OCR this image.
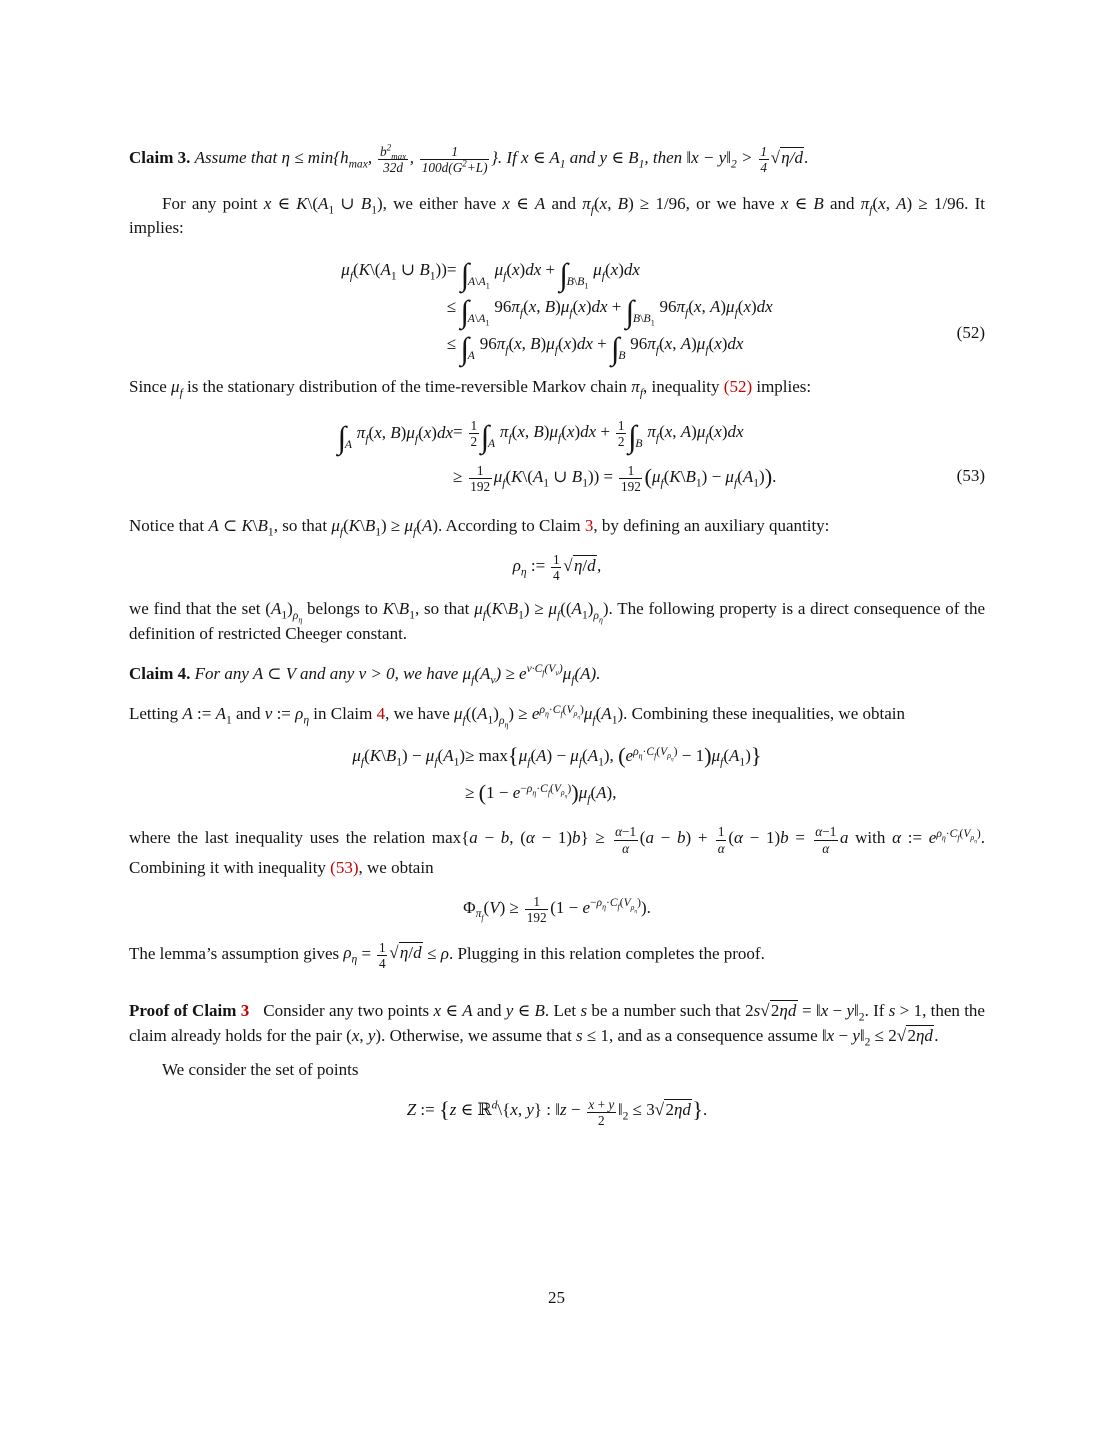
Claim 3. Assume that $\eta \le \min\{h_{max}$, $\frac{b^2_{max}}{32d}$ , $\frac{1}{100d(G^2+L)}$ }. If x ∈ $A_1$ and y ∈ $B_1$, then ‖x − $y‖_2 > \frac{1}{4}$ √ η/d.

For any point x ∈ $K\backslash(A_1$ ∪ $B_1$), we either have x ∈ A and $\pi_f(x$, B) ≥ 1/96, or we have x ∈ B and $\pi_f(x$, A) ≥ 1/96. It implies:

$\mu_f(K\backslash(A_1$ ∪ $B_1$))	= $\int_{A\backslash A_1}\mu_f(x)dx + \int_{B\backslash B_1}\mu_f(x)dx$
	≤ $\int_{A\backslash A_1}96\pi_f(x$, $B)\mu_f(x)dx + \int_{B\backslash B_1}96\pi_f(x$, $A)\mu_f(x)dx$
	≤ $\int_A96\pi_f(x$, $B)\mu_f(x)dx + \int_B96\pi_f(x$, $A)\mu_f(x)dx$
(52)

Since $\mu_f$ is the stationary distribution of the time-reversible Markov chain $\pi_f$, inequality (52) implies:

$\int_A\pi_f(x$, $B)\mu_f(x)dx$	= $\frac{1}{2} \int_A\pi_f(x$, $B)\mu_f(x)dx + \frac{1}{2} \int_B\pi_f(x$, $A)\mu_f(x)dx$
	≥ $\frac{1}{192}$ $\mu_f(K\backslash(A_1$ ∪ $B_1)) = \frac{1}{192}$ $(\mu_f(K\backslash B_1) - \mu_f(A_1))$.	(53)

Notice that A ⊂ $K\backslash B_1$, so that $\mu_f(K\backslash B_1) \ge \mu_f(A)$. According to Claim 3, by defining an auxiliary quantity:

$\rho_\eta$ := $\frac{1}{4}$ √ η/d,

we find that the set $(A_1)_{\rho_\eta}$ belongs to $K\backslash B_1$, so that $\mu_f(K\backslash B_1) \ge \mu_f((A_1)_{\rho_\eta})$. The following property is a direct consequence of the definition of restricted Cheeger constant.

Claim 4. For any A ⊂ V and any ν > 0, we have $\mu_f(A_\nu) \ge e^{\nu\cdot C_f(V_\nu)}\mu_f(A)$.

Letting A := $A_1$ and ν := $\rho_\eta$ in Claim 4, we have $\mu_f((A_1)_{\rho_\eta}) \ge e^{\rho_\eta\cdot C_f(V_{\rho_\eta})}\mu_f(A_1)$. Combining these inequalities, we obtain

$\mu_f(K\backslash B_1) - \mu_f(A_1)$	≥ $\max\{\mu_f(A) - \mu_f(A_1)$, $(e^{\rho_\eta\cdot C_f(V_{\rho_\eta})} - 1)\mu_f(A_1)$}
	≥ $(1 - e^{-\rho_\eta\cdot C_f(V_{\rho_\eta})})\mu_f(A)$,

where the last inequality uses the relation max{a − b, $(\alpha - 1)b\} \ge \frac{\alpha-1}{\alpha} (a - b) + \frac{1}{\alpha} (\alpha - 1)b = \frac{\alpha-1}{\alpha}$ a with α := $e^{\rho_\eta\cdot C_f(V_{\rho_\eta})}$. Combining it with inequality (53), we obtain

$\Phi_{\pi_f}(V) \ge \frac{1}{192} (1 - e^{-\rho_\eta\cdot C_f(V_{\rho_\eta})})$.

The lemma’s assumption gives $\rho_\eta = \frac{1}{4}$ √ η/d ≤ ρ. Plugging in this relation completes the proof.

Proof of Claim 3 Consider any two points x ∈ A and y ∈ B. Let s be a number such that 2s √ 2ηd = ‖x − $y‖_2$. If s > 1, then the claim already holds for the pair (x, y). Otherwise, we assume that s ≤ 1, and as a consequence assume ‖x − $y‖_2 \le 2$ √ 2ηd.

We consider the set of points

Z := {z ∈ ℝ$^d$\{x, y} : ‖z − $\frac{x + y}{2}$ $‖_2 \le 3$ √ 2ηd}.
25
